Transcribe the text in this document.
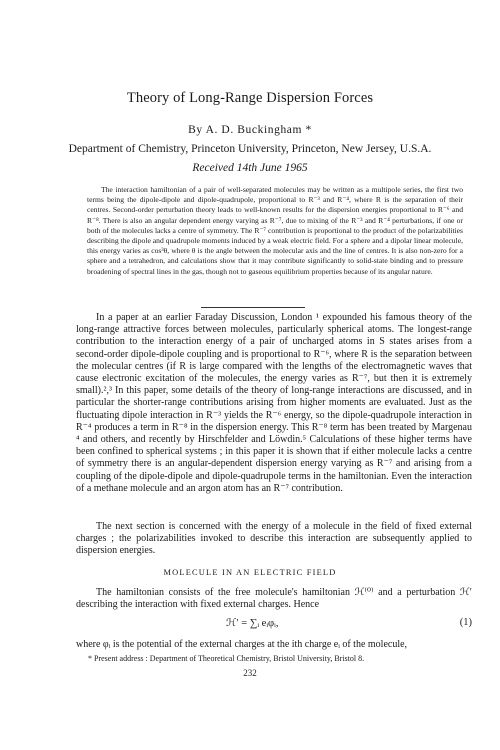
Theory of Long-Range Dispersion Forces
By A. D. Buckingham *
Department of Chemistry, Princeton University, Princeton, New Jersey, U.S.A.
Received 14th June 1965
The interaction hamiltonian of a pair of well-separated molecules may be written as a multipole series, the first two terms being the dipole-dipole and dipole-quadrupole, proportional to R⁻³ and R⁻⁴, where R is the separation of their centres. Second-order perturbation theory leads to well-known results for the dispersion energies proportional to R⁻⁶ and R⁻⁸. There is also an angular dependent energy varying as R⁻⁷, due to mixing of the R⁻³ and R⁻⁴ perturbations, if one or both of the molecules lacks a centre of symmetry. The R⁻⁷ contribution is proportional to the product of the polarizabilities describing the dipole and quadrupole moments induced by a weak electric field. For a sphere and a dipolar linear molecule, this energy varies as cos³θ, where θ is the angle between the molecular axis and the line of centres. It is also non-zero for a sphere and a tetrahedron, and calculations show that it may contribute significantly to solid-state binding and to pressure broadening of spectral lines in the gas, though not to gaseous equilibrium properties because of its angular nature.
In a paper at an earlier Faraday Discussion, London ¹ expounded his famous theory of the long-range attractive forces between molecules, particularly spherical atoms. The longest-range contribution to the interaction energy of a pair of uncharged atoms in S states arises from a second-order dipole-dipole coupling and is proportional to R⁻⁶, where R is the separation between the molecular centres (if R is large compared with the lengths of the electromagnetic waves that cause electronic excitation of the molecules, the energy varies as R⁻⁷, but then it is extremely small).²,³ In this paper, some details of the theory of long-range interactions are discussed, and in particular the shorter-range contributions arising from higher moments are evaluated. Just as the fluctuating dipole interaction in R⁻³ yields the R⁻⁶ energy, so the dipole-quadrupole interaction in R⁻⁴ produces a term in R⁻⁸ in the dispersion energy. This R⁻⁸ term has been treated by Margenau ⁴ and others, and recently by Hirschfelder and Löwdin.⁵ Calculations of these higher terms have been confined to spherical systems ; in this paper it is shown that if either molecule lacks a centre of symmetry there is an angular-dependent dispersion energy varying as R⁻⁷ and arising from a coupling of the dipole-dipole and dipole-quadrupole terms in the hamiltonian. Even the interaction of a methane molecule and an argon atom has an R⁻⁷ contribution.
The next section is concerned with the energy of a molecule in the field of fixed external charges ; the polarizabilities invoked to describe this interaction are subsequently applied to dispersion energies.
MOLECULE IN AN ELECTRIC FIELD
The hamiltonian consists of the free molecule's hamiltonian ℋ⁽⁰⁾ and a perturbation ℋ′ describing the interaction with fixed external charges. Hence
ℋ′ = ∑ᵢ eᵢφᵢ,	(1)
where φᵢ is the potential of the external charges at the ith charge eᵢ of the molecule,
* Present address : Department of Theoretical Chemistry, Bristol University, Bristol 8.
232
